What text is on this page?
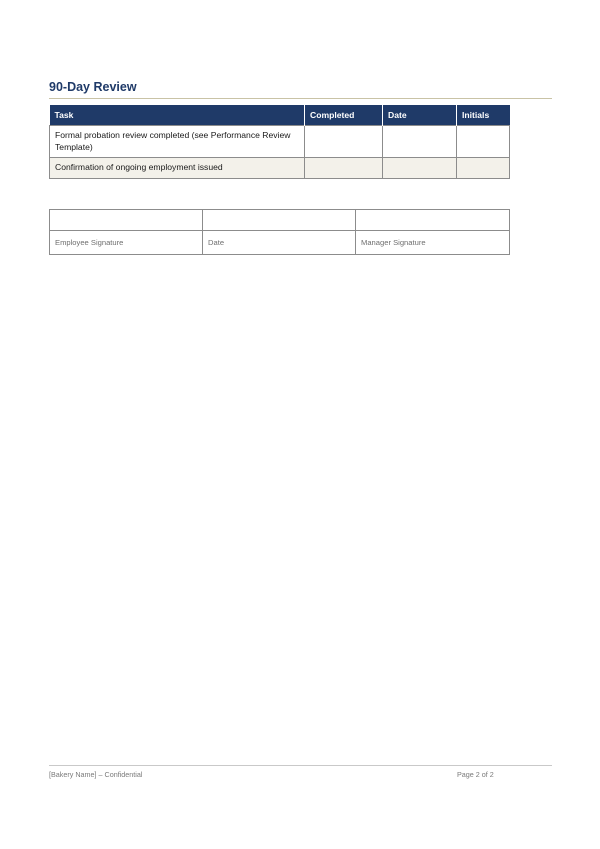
90-Day Review
Task	Completed	Date	Initials
Formal probation review completed (see Performance Review Template)			
Confirmation of ongoing employment issued			

Employee Signature	Date	Manager Signature
[Bakery Name] – Confidential	Page 2 of 2
